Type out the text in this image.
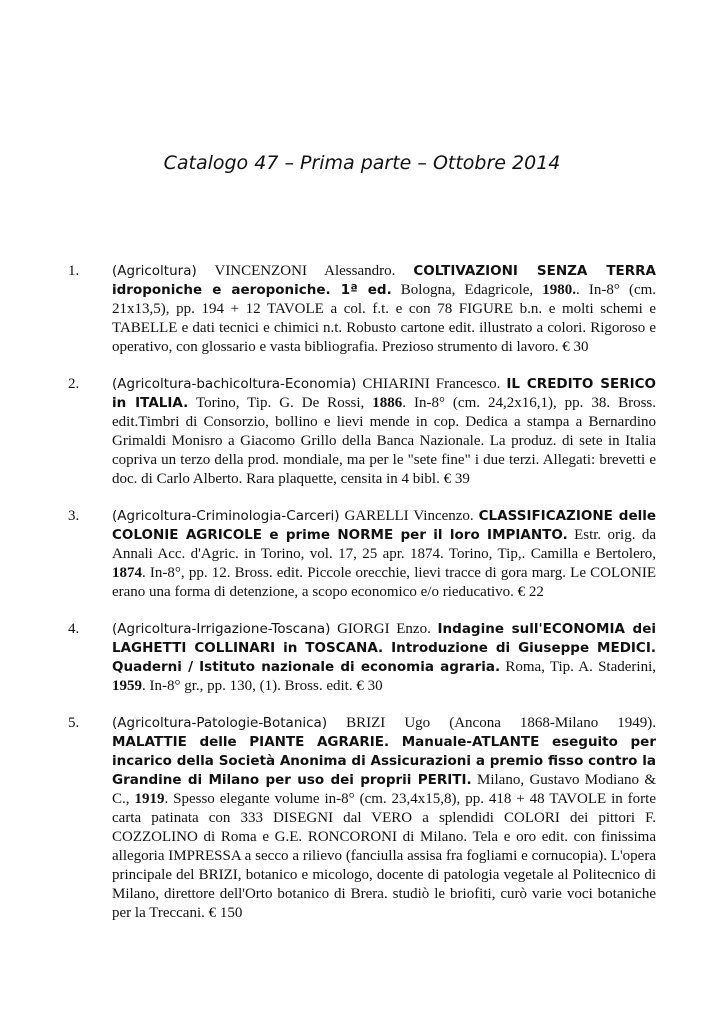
Catalogo 47 – Prima parte – Ottobre 2014
1. (Agricoltura) VINCENZONI Alessandro. COLTIVAZIONI SENZA TERRA idroponiche e aeroponiche. 1ª ed. Bologna, Edagricole, 1980.. In-8° (cm. 21x13,5), pp. 194 + 12 TAVOLE a col. f.t. e con 78 FIGURE b.n. e molti schemi e TABELLE e dati tecnici e chimici n.t. Robusto cartone edit. illustrato a colori. Rigoroso e operativo, con glossario e vasta bibliografia. Prezioso strumento di lavoro. € 30
2. (Agricoltura-bachicoltura-Economia) CHIARINI Francesco. IL CREDITO SERICO in ITALIA. Torino, Tip. G. De Rossi, 1886. In-8° (cm. 24,2x16,1), pp. 38. Bross. edit.Timbri di Consorzio, bollino e lievi mende in cop. Dedica a stampa a Bernardino Grimaldi Monisro a Giacomo Grillo della Banca Nazionale. La produz. di sete in Italia copriva un terzo della prod. mondiale, ma per le "sete fine" i due terzi. Allegati: brevetti e doc. di Carlo Alberto. Rara plaquette, censita in 4 bibl. € 39
3. (Agricoltura-Criminologia-Carceri) GARELLI Vincenzo. CLASSIFICAZIONE delle COLONIE AGRICOLE e prime NORME per il loro IMPIANTO. Estr. orig. da Annali Acc. d'Agric. in Torino, vol. 17, 25 apr. 1874. Torino, Tip,. Camilla e Bertolero, 1874. In-8°, pp. 12. Bross. edit. Piccole orecchie, lievi tracce di gora marg. Le COLONIE erano una forma di detenzione, a scopo economico e/o rieducativo. € 22
4. (Agricoltura-Irrigazione-Toscana) GIORGI Enzo. Indagine sull'ECONOMIA dei LAGHETTI COLLINARI in TOSCANA. Introduzione di Giuseppe MEDICI. Quaderni / Istituto nazionale di economia agraria. Roma, Tip. A. Staderini, 1959. In-8° gr., pp. 130, (1). Bross. edit. € 30
5. (Agricoltura-Patologie-Botanica) BRIZI Ugo (Ancona 1868-Milano 1949). MALATTIE delle PIANTE AGRARIE. Manuale-ATLANTE eseguito per incarico della Società Anonima di Assicurazioni a premio fisso contro la Grandine di Milano per uso dei proprii PERITI. Milano, Gustavo Modiano & C., 1919. Spesso elegante volume in-8° (cm. 23,4x15,8), pp. 418 + 48 TAVOLE in forte carta patinata con 333 DISEGNI dal VERO a splendidi COLORI dei pittori F. COZZOLINO di Roma e G.E. RONCORONI di Milano. Tela e oro edit. con finissima allegoria IMPRESSA a secco a rilievo (fanciulla assisa fra fogliami e cornucopia). L'opera principale del BRIZI, botanico e micologo, docente di patologia vegetale al Politecnico di Milano, direttore dell'Orto botanico di Brera. studiò le briofiti, curò varie voci botaniche per la Treccani. € 150
